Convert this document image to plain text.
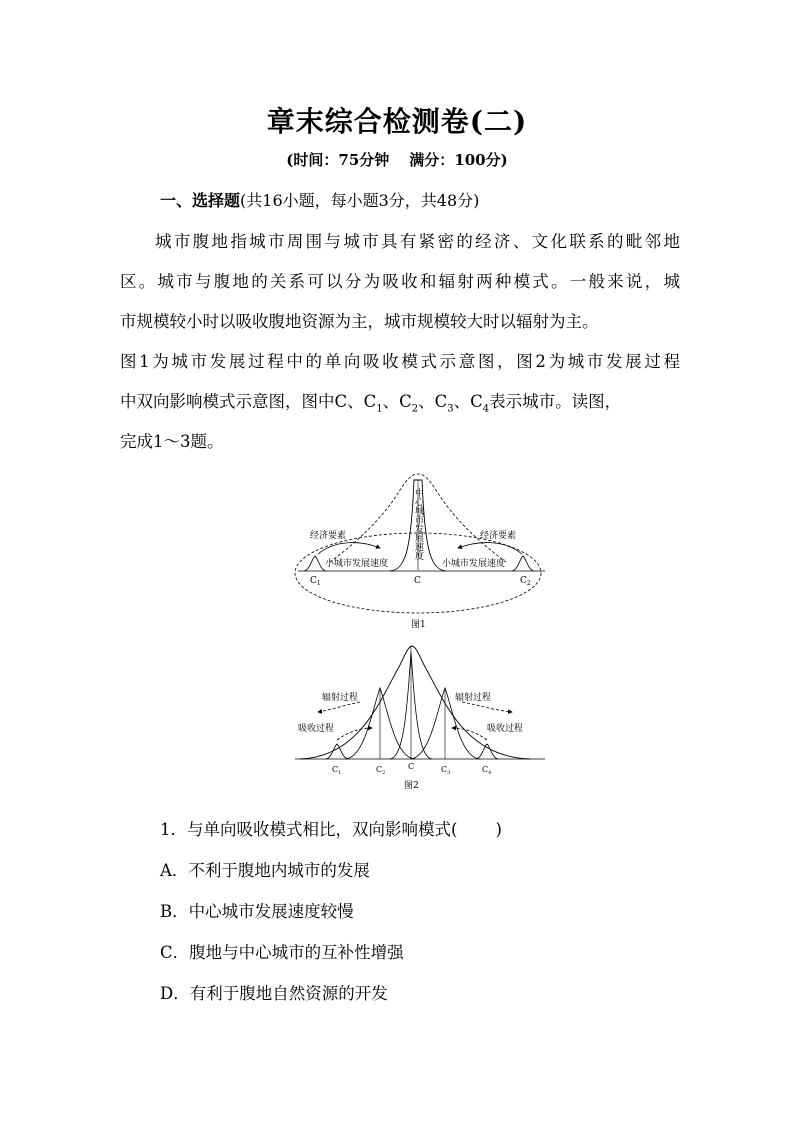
章末综合检测卷(二)
(时间：75分钟 满分：100分)
一、选择题(共16小题，每小题3分，共48分)
城市腹地指城市周围与城市具有紧密的经济、文化联系的毗邻地
区。城市与腹地的关系可以分为吸收和辐射两种模式。一般来说，城
市规模较小时以吸收腹地资源为主，城市规模较大时以辐射为主。
图1为城市发展过程中的单向吸收模式示意图，图2为城市发展过程
中双向影响模式示意图，图中C、$C_1$、$C_2$、$C_3$、$C_4$表示城市。读图，
完成1～3题。
经济要素	经济要素
小城市发展速度	小城市发展速度
中心城市发展速度
$C_1$	C	$C_2$
图1
辐射过程	辐射过程
吸收过程	吸收过程
$C_1$	$C_2$
C	$C_3$	$C_4$
图2
1．与单向吸收模式相比，双向影响模式( )
A．不利于腹地内城市的发展
B．中心城市发展速度较慢
C．腹地与中心城市的互补性增强
D．有利于腹地自然资源的开发
